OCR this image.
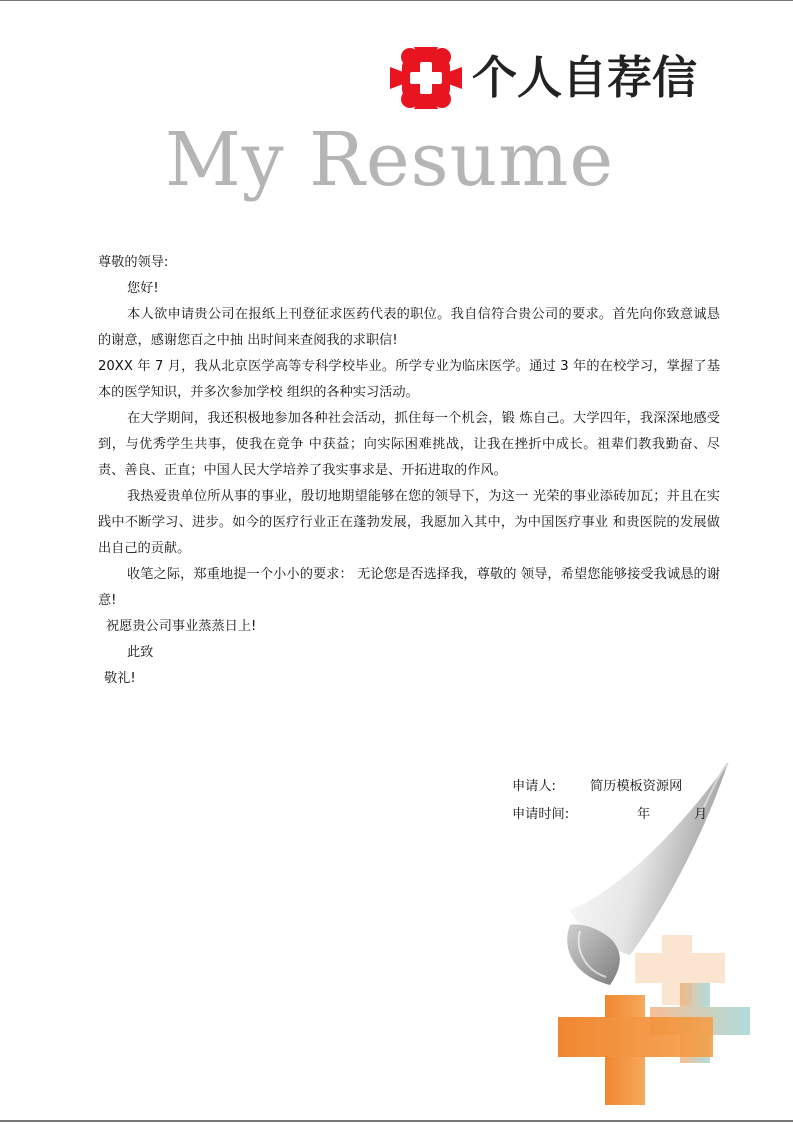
个人自荐信
My Resume

尊敬的领导:

您好!

本人欲申请贵公司在报纸上刊登征求医药代表的职位。我自信符合贵公司的要求。首先向你致意诚恳的谢意，感谢您百之中抽 出时间来查阅我的求职信!

20XX 年 7 月，我从北京医学高等专科学校毕业。所学专业为临床医学。通过 3 年的在校学习，掌握了基本的医学知识，并多次参加学校 组织的各种实习活动。

在大学期间，我还积极地参加各种社会活动，抓住每一个机会，锻 炼自己。大学四年，我深深地感受到，与优秀学生共事，使我在竟争 中获益；向实际困难挑战，让我在挫折中成长。祖辈们教我勤奋、尽 责、善良、正直；中国人民大学培养了我实事求是、开拓进取的作风。

我热爱贵单位所从事的事业，殷切地期望能够在您的领导下，为这一 光荣的事业添砖加瓦；并且在实践中不断学习、进步。如今的医疗行业正在蓬勃发展，我愿加入其中，为中国医疗事业 和贵医院的发展做出自己的贡献。

收笔之际，郑重地提一个小小的要求： 无论您是否选择我，尊敬的 领导，希望您能够接受我诚恳的谢意!

祝愿贵公司事业蒸蒸日上!

此致

敬礼!

申请人:	简历模板资源网
申请时间:	年	月
